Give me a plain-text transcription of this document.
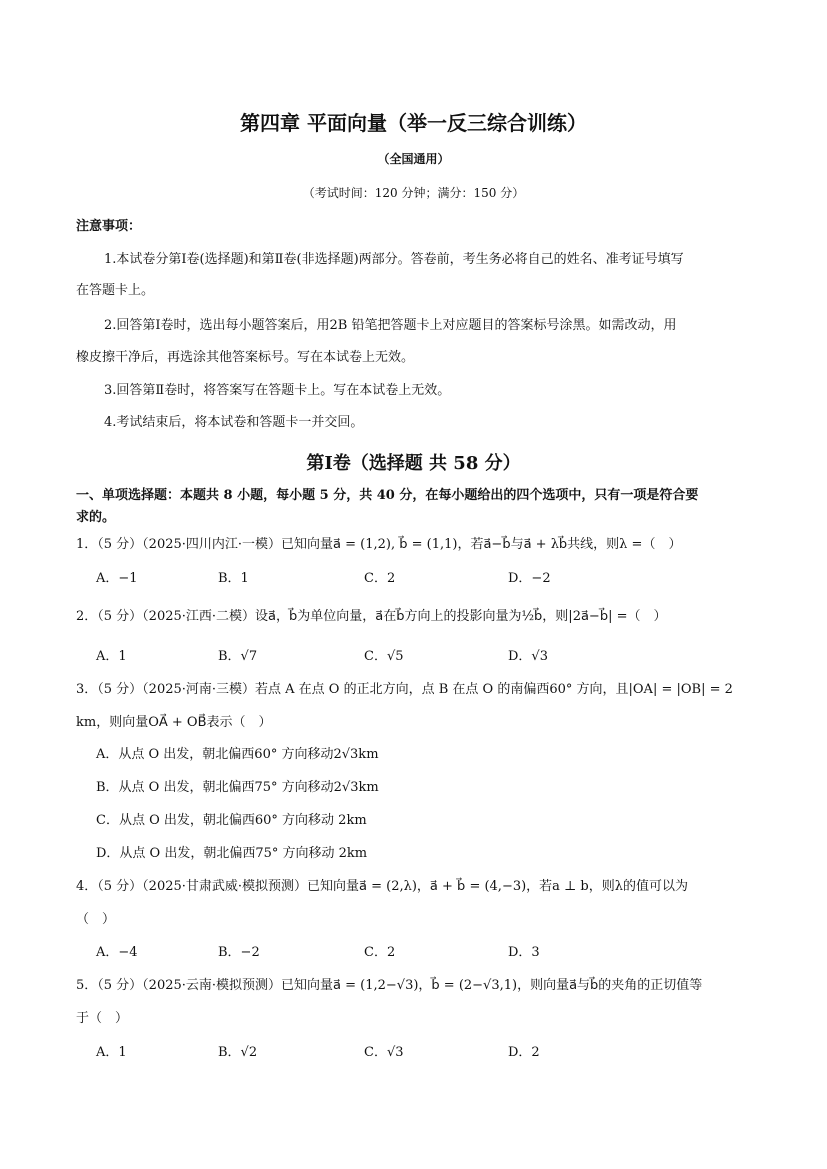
第四章 平面向量（举一反三综合训练）
（全国通用）
（考试时间：120 分钟；满分：150 分）
注意事项：
1.本试卷分第Ⅰ卷(选择题)和第Ⅱ卷(非选择题)两部分。答卷前，考生务必将自己的姓名、准考证号填写
在答题卡上。
2.回答第Ⅰ卷时，选出每小题答案后，用2B 铅笔把答题卡上对应题目的答案标号涂黑。如需改动，用
橡皮擦干净后，再选涂其他答案标号。写在本试卷上无效。
3.回答第Ⅱ卷时，将答案写在答题卡上。写在本试卷上无效。
4.考试结束后，将本试卷和答题卡一并交回。
第Ⅰ卷（选择题 共 58 分）
一、单项选择题：本题共 8 小题，每小题 5 分，共 40 分，在每小题给出的四个选项中，只有一项是符合要
求的。
1．（5 分）（2025·四川内江·一模）已知向量a⃗ = (1,2), b⃗ = (1,1)，若a⃗−b⃗与a⃗ + λb⃗共线，则λ =（　）
A．−1	B．1	C．2	D．−2
2．（5 分）（2025·江西·二模）设a⃗，b⃗为单位向量，a⃗在b⃗方向上的投影向量为½b⃗，则|2a⃗−b⃗| =（　）
A．1	B．√7	C．√5	D．√3
3．（5 分）（2025·河南·三模）若点 A 在点 O 的正北方向，点 B 在点 O 的南偏西60° 方向，且|OA| = |OB| = 2
km，则向量OA⃗ + OB⃗表示（　）
A．从点 O 出发，朝北偏西60° 方向移动2√3km
B．从点 O 出发，朝北偏西75° 方向移动2√3km
C．从点 O 出发，朝北偏西60° 方向移动 2km
D．从点 O 出发，朝北偏西75° 方向移动 2km
4．（5 分）（2025·甘肃武威·模拟预测）已知向量a⃗ = (2,λ)，a⃗ + b⃗ = (4,−3)，若a ⊥ b，则λ的值可以为
（　）
A．−4	B．−2	C．2	D．3
5．（5 分）（2025·云南·模拟预测）已知向量a⃗ = (1,2−√3)，b⃗ = (2−√3,1)，则向量a⃗与b⃗的夹角的正切值等
于（　）
A．1	B．√2	C．√3	D．2
